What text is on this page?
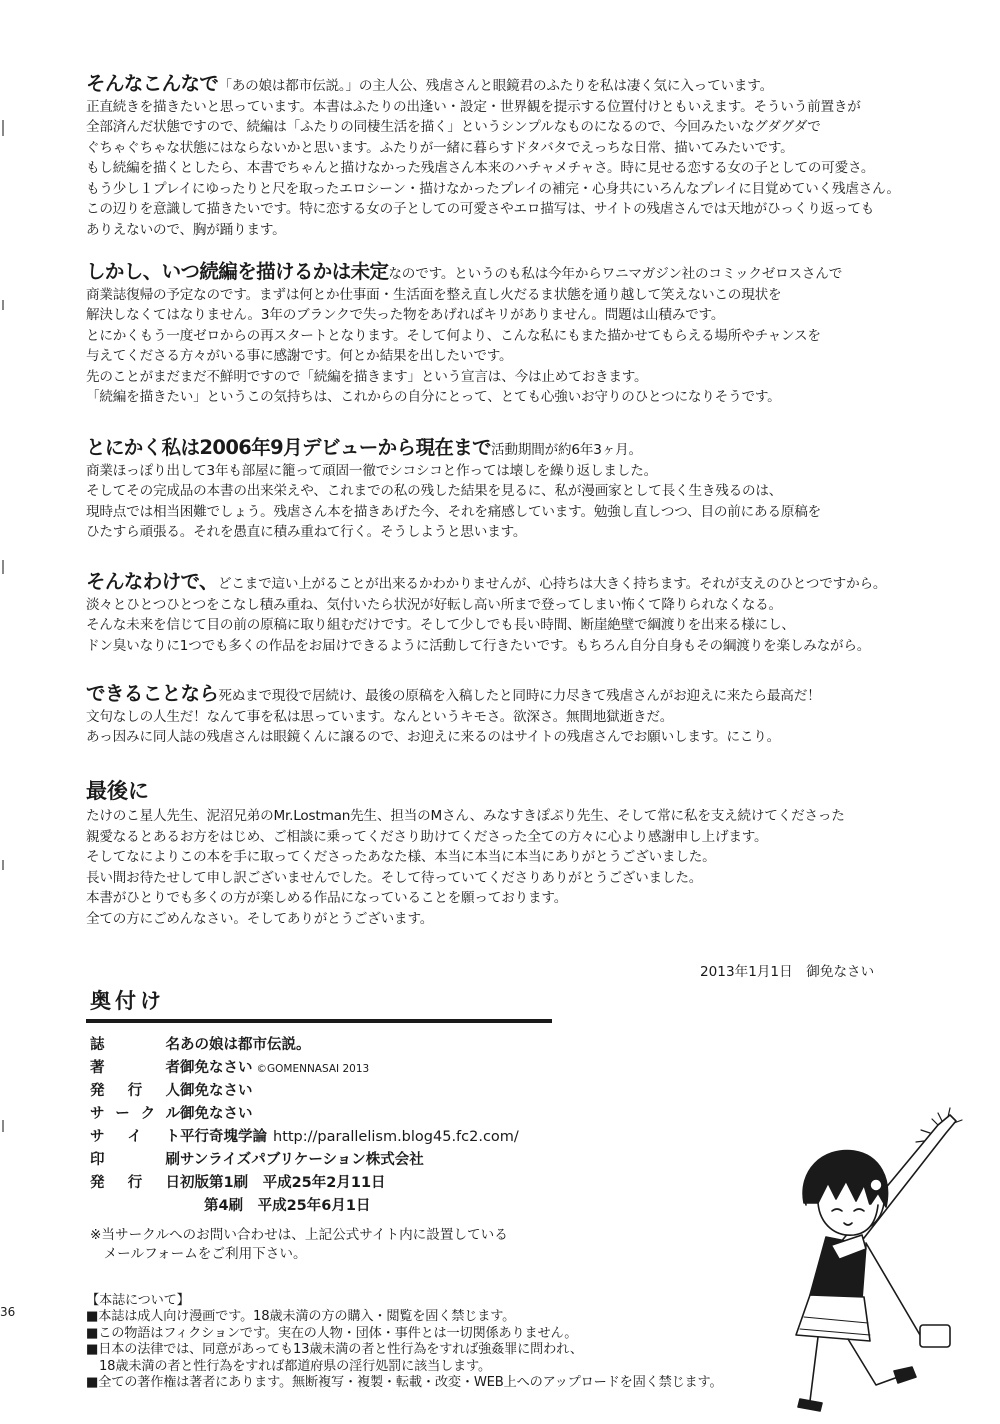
そんなこんなで「あの娘は都市伝説。」の主人公、残虐さんと眼鏡君のふたりを私は凄く気に入っています。
正直続きを描きたいと思っています。本書はふたりの出逢い・設定・世界観を提示する位置付けともいえます。そういう前置きが
全部済んだ状態ですので、続編は「ふたりの同棲生活を描く」というシンプルなものになるので、今回みたいなグダグダで
ぐちゃぐちゃな状態にはならないかと思います。ふたりが一緒に暮らすドタバタでえっちな日常、描いてみたいです。
もし続編を描くとしたら、本書でちゃんと描けなかった残虐さん本来のハチャメチャさ。時に見せる恋する女の子としての可愛さ。
もう少し１プレイにゆったりと尺を取ったエロシーン・描けなかったプレイの補完・心身共にいろんなプレイに目覚めていく残虐さん。
この辺りを意識して描きたいです。特に恋する女の子としての可愛さやエロ描写は、サイトの残虐さんでは天地がひっくり返っても
ありえないので、胸が踊ります。
しかし、いつ続編を描けるかは未定なのです。というのも私は今年からワニマガジン社のコミックゼロスさんで
商業誌復帰の予定なのです。まずは何とか仕事面・生活面を整え直し火だるま状態を通り越して笑えないこの現状を
解決しなくてはなりません。3年のブランクで失った物をあげればキリがありません。問題は山積みです。
とにかくもう一度ゼロからの再スタートとなります。そして何より、こんな私にもまた描かせてもらえる場所やチャンスを
与えてくださる方々がいる事に感謝です。何とか結果を出したいです。
先のことがまだまだ不鮮明ですので「続編を描きます」という宣言は、今は止めておきます。
「続編を描きたい」というこの気持ちは、これからの自分にとって、とても心強いお守りのひとつになりそうです。
とにかく私は2006年9月デビューから現在まで活動期間が約6年3ヶ月。
商業ほっぽり出して3年も部屋に籠って頑固一徹でシコシコと作っては壊しを繰り返しました。
そしてその完成品の本書の出来栄えや、これまでの私の残した結果を見るに、私が漫画家として長く生き残るのは、
現時点では相当困難でしょう。残虐さん本を描きあげた今、それを痛感しています。勉強し直しつつ、目の前にある原稿を
ひたすら頑張る。それを愚直に積み重ねて行く。そうしようと思います。
そんなわけで、どこまで這い上がることが出来るかわかりませんが、心持ちは大きく持ちます。それが支えのひとつですから。
淡々とひとつひとつをこなし積み重ね、気付いたら状況が好転し高い所まで登ってしまい怖くて降りられなくなる。
そんな未来を信じて目の前の原稿に取り組むだけです。そして少しでも長い時間、断崖絶壁で綱渡りを出来る様にし、
ドン臭いなりに1つでも多くの作品をお届けできるように活動して行きたいです。もちろん自分自身もその綱渡りを楽しみながら。
できることなら死ぬまで現役で居続け、最後の原稿を入稿したと同時に力尽きて残虐さんがお迎えに来たら最高だ！
文句なしの人生だ！なんて事を私は思っています。なんというキモさ。欲深さ。無間地獄逝きだ。
あっ因みに同人誌の残虐さんは眼鏡くんに譲るので、お迎えに来るのはサイトの残虐さんでお願いします。にこり。
最後に
たけのこ星人先生、泥沼兄弟のMr.Lostman先生、担当のMさん、みなすきぽぷり先生、そして常に私を支え続けてくださった
親愛なるとあるお方をはじめ、ご相談に乗ってくださり助けてくださった全ての方々に心より感謝申し上げます。
そしてなによりこの本を手に取ってくださったあなた様、本当に本当に本当にありがとうございました。
長い間お待たせして申し訳ございませんでした。そして待っていてくださりありがとうございました。
本書がひとりでも多くの方が楽しめる作品になっていることを願っております。
全ての方にごめんなさい。そしてありがとうございます。
2013年1月1日　御免なさい
奥付け
誌名 あの娘は都市伝説。
著者 御免なさい ©GOMENNASAI 2013
発行人 御免なさい
サークル 御免なさい
サイト 平行奇塊学論 http://parallelism.blog45.fc2.com/
印刷 サンライズパブリケーション株式会社
発行日 初版第1刷　平成25年2月11日
第4刷　平成25年6月1日
※当サークルへのお問い合わせは、上記公式サイト内に設置している
　メールフォームをご利用下さい。
36
【本誌について】
■本誌は成人向け漫画です。18歳未満の方の購入・閲覧を固く禁じます。
■この物語はフィクションです。実在の人物・団体・事件とは一切関係ありません。
■日本の法律では、同意があっても13歳未満の者と性行為をすれば強姦罪に問われ、
　18歳未満の者と性行為をすれば都道府県の淫行処罰に該当します。
■全ての著作権は著者にあります。無断複写・複製・転載・改変・WEB上へのアップロードを固く禁じます。
